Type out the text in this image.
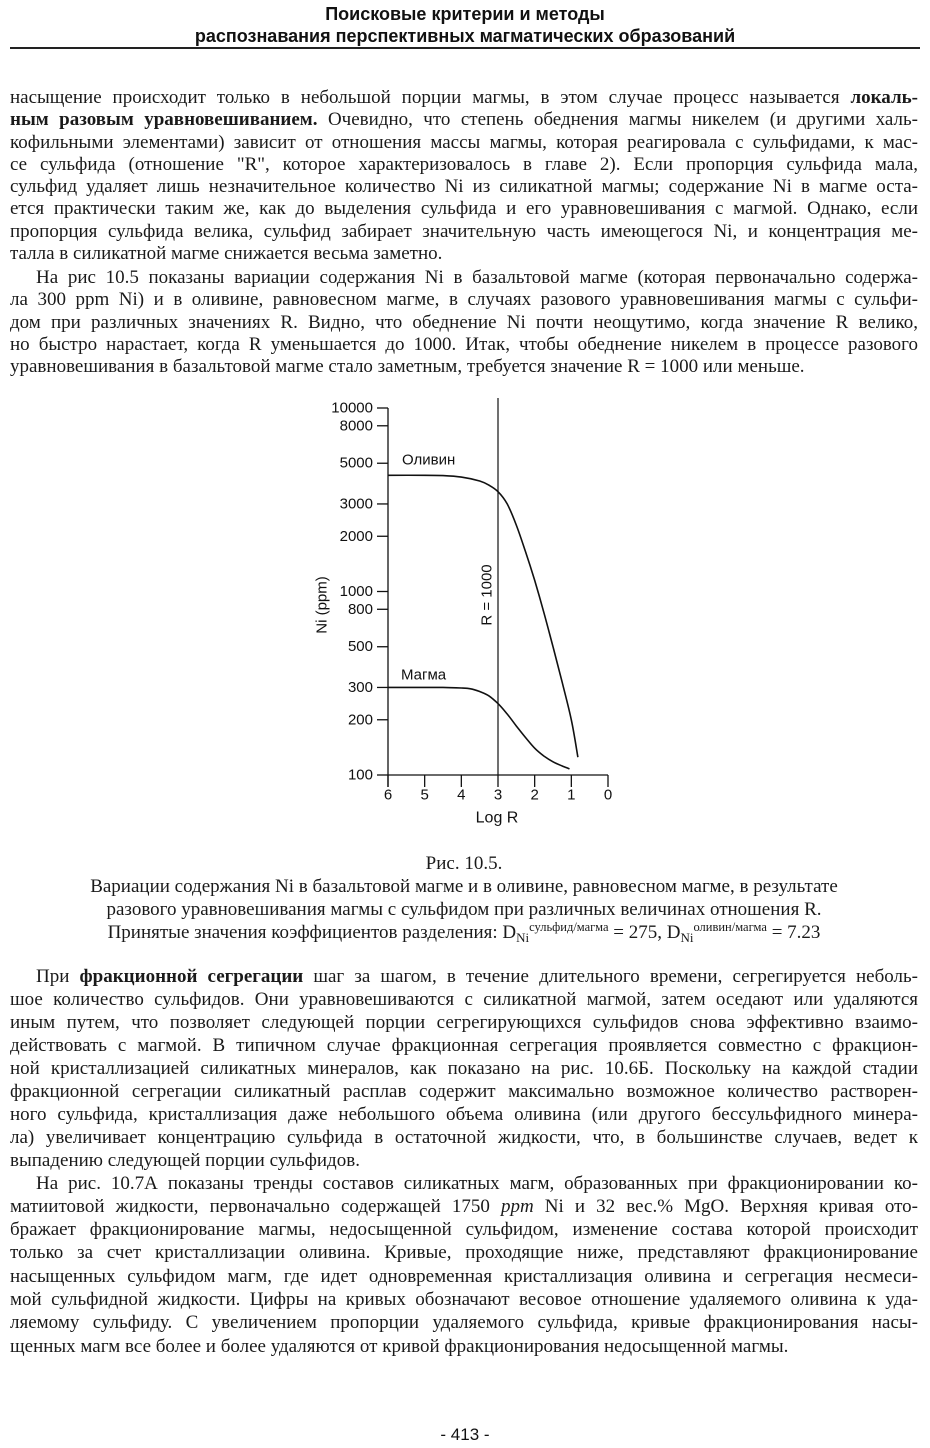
Поисковые критерии и методы
распознавания перспективных магматических образований
насыщение происходит только в небольшой порции магмы, в этом случае процесс называется локаль-
ным разовым уравновешиванием. Очевидно, что степень обеднения магмы никелем (и другими халь-
кофильными элементами) зависит от отношения массы магмы, которая реагировала с сульфидами, к мас-
се сульфида (отношение "R", которое характеризовалось в главе 2). Если пропорция сульфида мала,
сульфид удаляет лишь незначительное количество Ni из силикатной магмы; содержание Ni в магме оста-
ется практически таким же, как до выделения сульфида и его уравновешивания с магмой. Однако, если
пропорция сульфида велика, сульфид забирает значительную часть имеющегося Ni, и концентрация ме-
талла в силикатной магме снижается весьма заметно.
На рис 10.5 показаны вариации содержания Ni в базальтовой магме (которая первоначально содержа-
ла 300 ppm Ni) и в оливине, равновесном магме, в случаях разового уравновешивания магмы с сульфи-
дом при различных значениях R. Видно, что обеднение Ni почти неощутимо, когда значение R велико,
но быстро нарастает, когда R уменьшается до 1000. Итак, чтобы обеднение никелем в процессе разового
уравновешивания в базальтовой магме стало заметным, требуется значение R = 1000 или меньше.
10000
8000
5000
3000
2000
1000
800
500
300
200
100
6 5 4 3 2 1 0
R = 1000
Оливин
Магма
Ni (ppm)
Log R
Рис. 10.5.
Вариации содержания Ni в базальтовой магме и в оливине, равновесном магме, в результате
разового уравновешивания магмы с сульфидом при различных величинах отношения R.
Принятые значения коэффициентов разделения: $D_{Ni}^{сульфид/магма} = 275$, $D_{Ni}^{оливин/магма} = 7.23$
При фракционной сегрегации шаг за шагом, в течение длительного времени, сегрегируется неболь-
шое количество сульфидов. Они уравновешиваются с силикатной магмой, затем оседают или удаляются
иным путем, что позволяет следующей порции сегрегирующихся сульфидов снова эффективно взаимо-
действовать с магмой. В типичном случае фракционная сегрегация проявляется совместно с фракцион-
ной кристаллизацией силикатных минералов, как показано на рис. 10.6Б. Поскольку на каждой стадии
фракционной сегрегации силикатный расплав содержит максимально возможное количество растворен-
ного сульфида, кристаллизация даже небольшого объема оливина (или другого бессульфидного минера-
ла) увеличивает концентрацию сульфида в остаточной жидкости, что, в большинстве случаев, ведет к
выпадению следующей порции сульфидов.
На рис. 10.7А показаны тренды составов силикатных магм, образованных при фракционировании ко-
матиитовой жидкости, первоначально содержащей 1750 ppm Ni и 32 вес.% MgO. Верхняя кривая ото-
бражает фракционирование магмы, недосыщенной сульфидом, изменение состава которой происходит
только за счет кристаллизации оливина. Кривые, проходящие ниже, представляют фракционирование
насыщенных сульфидом магм, где идет одновременная кристаллизация оливина и сегрегация несмеси-
мой сульфидной жидкости. Цифры на кривых обозначают весовое отношение удаляемого оливина к уда-
ляемому сульфиду. С увеличением пропорции удаляемого сульфида, кривые фракционирования насы-
щенных магм все более и более удаляются от кривой фракционирования недосыщенной магмы.
- 413 -
